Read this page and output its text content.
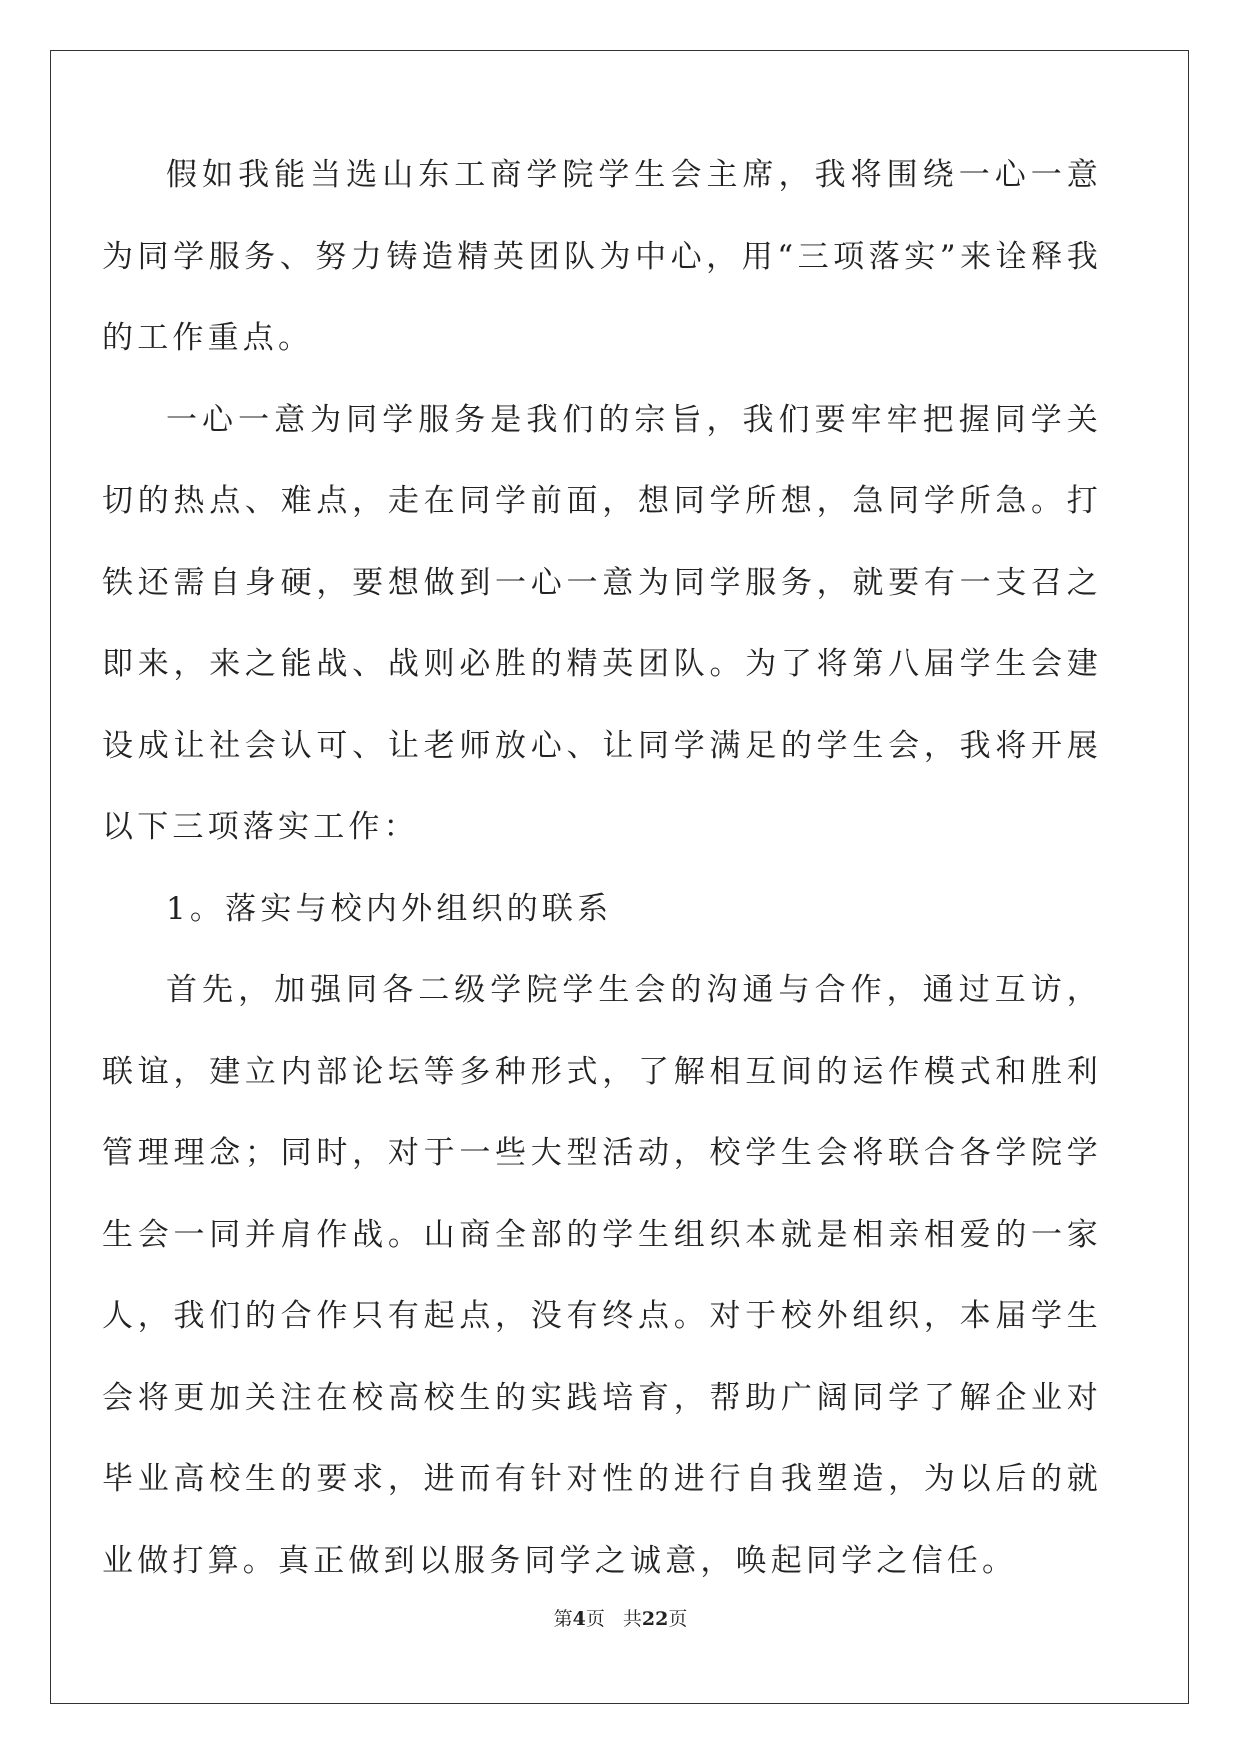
假如我能当选山东工商学院学生会主席，我将围绕一心一意为同学服务、努力铸造精英团队为中心，用“三项落实”来诠释我的工作重点。

一心一意为同学服务是我们的宗旨，我们要牢牢把握同学关切的热点、难点，走在同学前面，想同学所想，急同学所急。打铁还需自身硬，要想做到一心一意为同学服务，就要有一支召之即来，来之能战、战则必胜的精英团队。为了将第八届学生会建设成让社会认可、让老师放心、让同学满足的学生会，我将开展以下三项落实工作：

1。落实与校内外组织的联系

首先，加强同各二级学院学生会的沟通与合作，通过互访，联谊，建立内部论坛等多种形式，了解相互间的运作模式和胜利管理理念；同时，对于一些大型活动，校学生会将联合各学院学生会一同并肩作战。山商全部的学生组织本就是相亲相爱的一家人，我们的合作只有起点，没有终点。对于校外组织，本届学生会将更加关注在校高校生的实践培育，帮助广阔同学了解企业对毕业高校生的要求，进而有针对性的进行自我塑造，为以后的就业做打算。真正做到以服务同学之诚意，唤起同学之信任。

第4页 共22页
